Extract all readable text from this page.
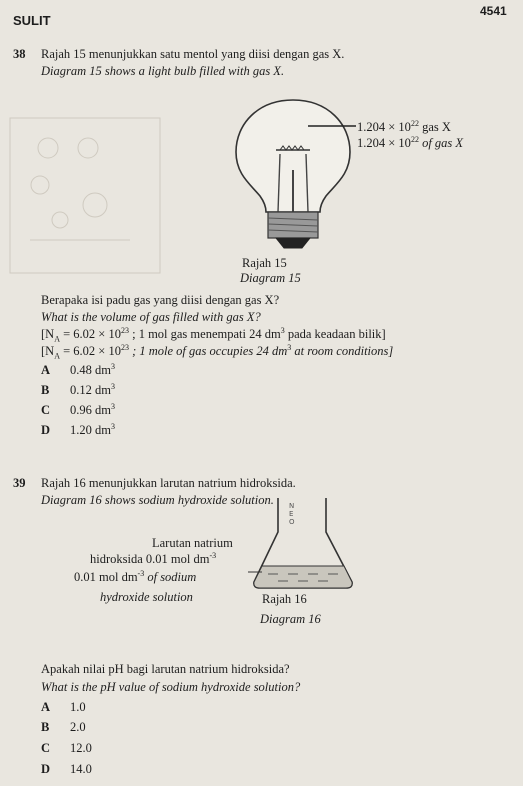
SULIT
4541
38 Rajah 15 menunjukkan satu mentol yang diisi dengan gas X.
Diagram 15 shows a light bulb filled with gas X.
$1.204 \times 10^{22}$ gas X
$1.204 \times 10^{22}$ of gas X
Rajah 15
Diagram 15
Berapaka isi padu gas yang diisi dengan gas X?
What is the volume of gas filled with gas X?
[$N_A = 6.02 \times 10^{23}$ ; 1 mol gas menempati 24 $dm^3$ pada keadaan bilik]
[$N_A = 6.02 \times 10^{23}$ ; 1 mole of gas occupies 24 $dm^3$ at room conditions]
A 0.48 $dm^3$
B 0.12 $dm^3$
C 0.96 $dm^3$
D 1.20 $dm^3$
39 Rajah 16 menunjukkan larutan natrium hidroksida.
Diagram 16 shows sodium hydroxide solution. N
E
O
Larutan natrium
hidroksida 0.01 mol $dm^{-3}$
0.01 mol $dm^{-3}$ of sodium
hydroxide solution	Rajah 16
Diagram 16
Apakah nilai pH bagi larutan natrium hidroksida?
What is the pH value of sodium hydroxide solution?
A 1.0
B 2.0
C 12.0
D 14.0
